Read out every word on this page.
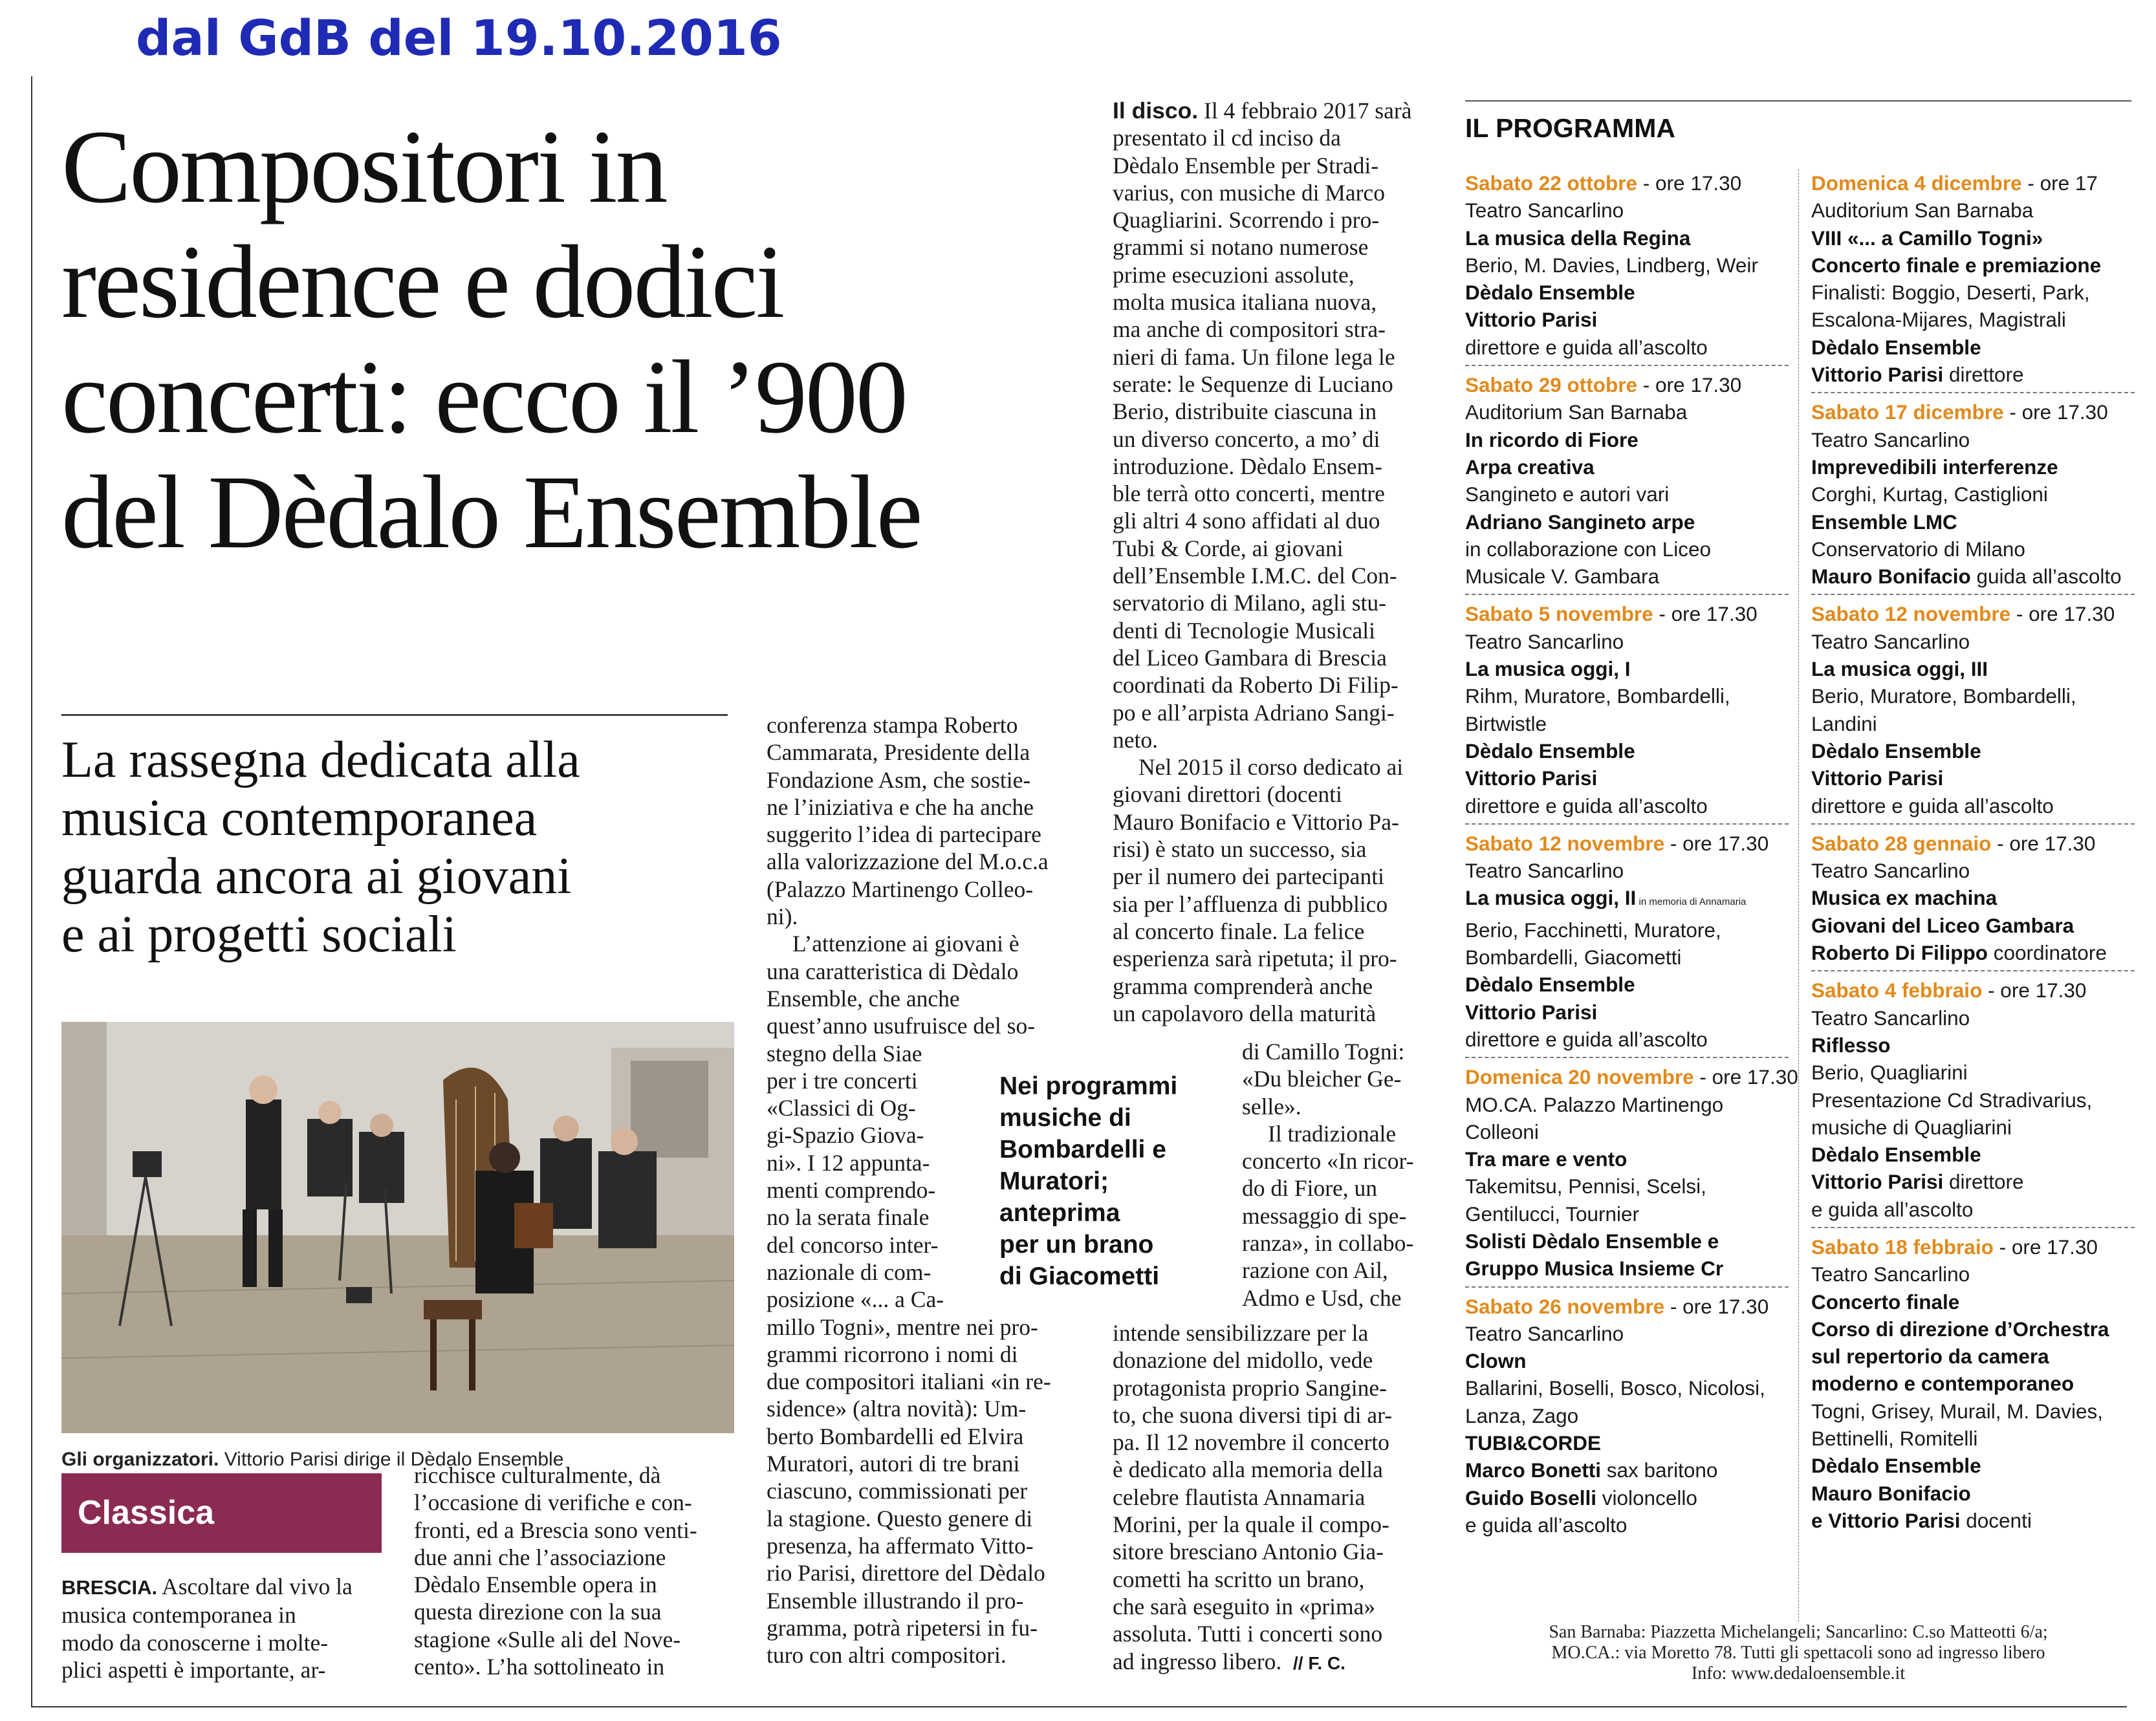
dal GdB del 19.10.2016
Compositori in
residence e dodici
concerti: ecco il ’900
del Dèdalo Ensemble
La rassegna dedicata alla
musica contemporanea
guarda ancora ai giovani
e ai progetti sociali
Gli organizzatori. Vittorio Parisi dirige il Dèdalo Ensemble
Classica
BRESCIA. Ascoltare dal vivo la
musica contemporanea in
modo da conoscerne i molte-
plici aspetti è importante, ar-
ricchisce culturalmente, dà
l’occasione di verifiche e con-
fronti, ed a Brescia sono venti-
due anni che l’associazione
Dèdalo Ensemble opera in
questa direzione con la sua
stagione «Sulle ali del Nove-
cento». L’ha sottolineato in
conferenza stampa Roberto
Cammarata, Presidente della
Fondazione Asm, che sostie-
ne l’iniziativa e che ha anche
suggerito l’idea di partecipare
alla valorizzazione del M.o.c.a
(Palazzo Martinengo Colleo-
ni).
L’attenzione ai giovani è
una caratteristica di Dèdalo
Ensemble, che anche
quest’anno usufruisce del so-
stegno della Siae
per i tre concerti
«Classici di Og-
gi-Spazio Giova-
ni». I 12 appunta-
menti comprendo-
no la serata finale
del concorso inter-
nazionale di com-
posizione «... a Ca-
millo Togni», mentre nei pro-
grammi ricorrono i nomi di
due compositori italiani «in re-
sidence» (altra novità): Um-
berto Bombardelli ed Elvira
Muratori, autori di tre brani
ciascuno, commissionati per
la stagione. Questo genere di
presenza, ha affermato Vitto-
rio Parisi, direttore del Dèdalo
Ensemble illustrando il pro-
gramma, potrà ripetersi in fu-
turo con altri compositori.
Nei programmi
musiche di
Bombardelli e
Muratori;
anteprima
per un brano
di Giacometti
Il disco. Il 4 febbraio 2017 sarà
presentato il cd inciso da
Dèdalo Ensemble per Stradi-
varius, con musiche di Marco
Quagliarini. Scorrendo i pro-
grammi si notano numerose
prime esecuzioni assolute,
molta musica italiana nuova,
ma anche di compositori stra-
nieri di fama. Un filone lega le
serate: le Sequenze di Luciano
Berio, distribuite ciascuna in
un diverso concerto, a mo’ di
introduzione. Dèdalo Ensem-
ble terrà otto concerti, mentre
gli altri 4 sono affidati al duo
Tubi & Corde, ai giovani
dell’Ensemble I.M.C. del Con-
servatorio di Milano, agli stu-
denti di Tecnologie Musicali
del Liceo Gambara di Brescia
coordinati da Roberto Di Filip-
po e all’arpista Adriano Sangi-
neto.
Nel 2015 il corso dedicato ai
giovani direttori (docenti
Mauro Bonifacio e Vittorio Pa-
risi) è stato un successo, sia
per il numero dei partecipanti
sia per l’affluenza di pubblico
al concerto finale. La felice
esperienza sarà ripetuta; il pro-
gramma comprenderà anche
un capolavoro della maturità
di Camillo Togni:
«Du bleicher Ge-
selle».
Il tradizionale
concerto «In ricor-
do di Fiore, un
messaggio di spe-
ranza», in collabo-
razione con Ail,
Admo e Usd, che
intende sensibilizzare per la
donazione del midollo, vede
protagonista proprio Sanginе-
to, che suona diversi tipi di ar-
pa. Il 12 novembre il concerto
è dedicato alla memoria della
celebre flautista Annamaria
Morini, per la quale il compo-
sitore bresciano Antonio Gia-
cometti ha scritto un brano,
che sarà eseguito in «prima»
assoluta. Tutti i concerti sono
ad ingresso libero. // F. C.
IL PROGRAMMA
Sabato 22 ottobre - ore 17.30
Teatro Sancarlino
La musica della Regina
Berio, M. Davies, Lindberg, Weir
Dèdalo Ensemble
Vittorio Parisi
direttore e guida all’ascolto
Sabato 29 ottobre - ore 17.30
Auditorium San Barnaba
In ricordo di Fiore
Arpa creativa
Sangineto e autori vari
Adriano Sangineto arpe
in collaborazione con Liceo
Musicale V. Gambara
Sabato 5 novembre - ore 17.30
Teatro Sancarlino
La musica oggi, I
Rihm, Muratore, Bombardelli,
Birtwistle
Dèdalo Ensemble
Vittorio Parisi
direttore e guida all’ascolto
Sabato 12 novembre - ore 17.30
Teatro Sancarlino
La musica oggi, II in memoria di Annamaria
Berio, Facchinetti, Muratore,
Bombardelli, Giacometti
Dèdalo Ensemble
Vittorio Parisi
direttore e guida all’ascolto
Domenica 20 novembre - ore 17.30
MO.CA. Palazzo Martinengo
Colleoni
Tra mare e vento
Takemitsu, Pennisi, Scelsi,
Gentilucci, Tournier
Solisti Dèdalo Ensemble e
Gruppo Musica Insieme Cr
Sabato 26 novembre - ore 17.30
Teatro Sancarlino
Clown
Ballarini, Boselli, Bosco, Nicolosi,
Lanza, Zago
TUBI&CORDE
Marco Bonetti sax baritono
Guido Boselli violoncello
e guida all’ascolto
Domenica 4 dicembre - ore 17
Auditorium San Barnaba
VIII «... a Camillo Togni»
Concerto finale e premiazione
Finalisti: Boggio, Deserti, Park,
Escalona-Mijares, Magistrali
Dèdalo Ensemble
Vittorio Parisi direttore
Sabato 17 dicembre - ore 17.30
Teatro Sancarlino
Imprevedibili interferenze
Corghi, Kurtag, Castiglioni
Ensemble LMC
Conservatorio di Milano
Mauro Bonifacio guida all’ascolto
Sabato 12 novembre - ore 17.30
Teatro Sancarlino
La musica oggi, III
Berio, Muratore, Bombardelli,
Landini
Dèdalo Ensemble
Vittorio Parisi
direttore e guida all’ascolto
Sabato 28 gennaio - ore 17.30
Teatro Sancarlino
Musica ex machina
Giovani del Liceo Gambara
Roberto Di Filippo coordinatore
Sabato 4 febbraio - ore 17.30
Teatro Sancarlino
Riflesso
Berio, Quagliarini
Presentazione Cd Stradivarius,
musiche di Quagliarini
Dèdalo Ensemble
Vittorio Parisi direttore
e guida all’ascolto
Sabato 18 febbraio - ore 17.30
Teatro Sancarlino
Concerto finale
Corso di direzione d’Orchestra
sul repertorio da camera
moderno e contemporaneo
Togni, Grisey, Murail, M. Davies,
Bettinelli, Romitelli
Dèdalo Ensemble
Mauro Bonifacio
e Vittorio Parisi docenti
San Barnaba: Piazzetta Michelangeli; Sancarlino: C.so Matteotti 6/a;
MO.CA.: via Moretto 78. Tutti gli spettacoli sono ad ingresso libero
Info: www.dedaloensemble.it
